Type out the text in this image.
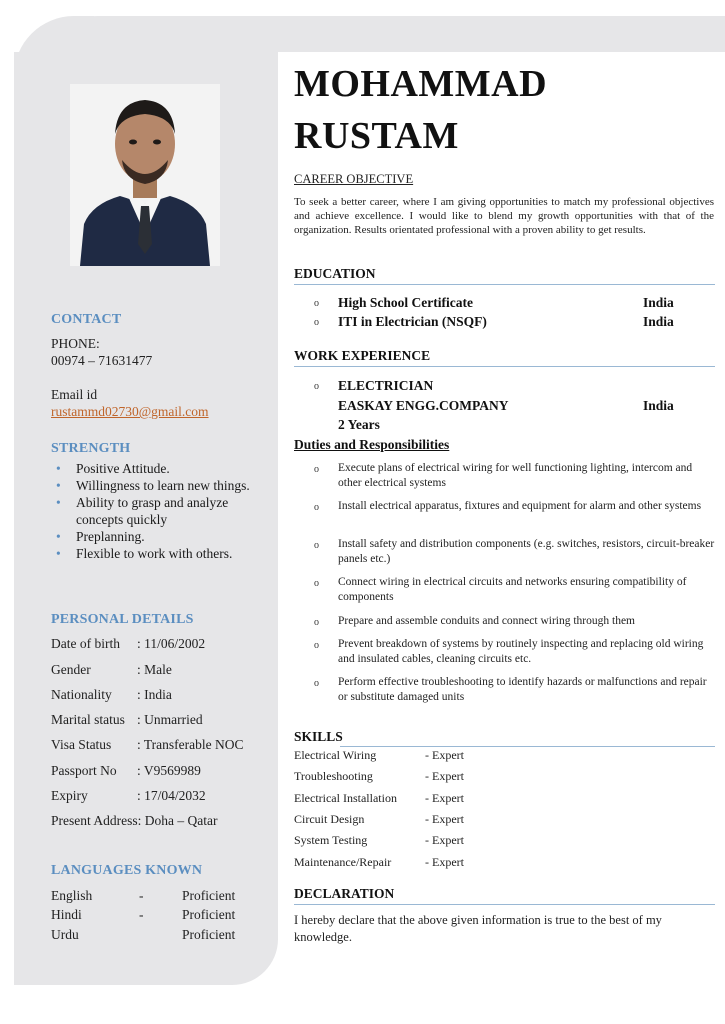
CONTACT
PHONE:
00974 – 71631477
Email id
rustammd02730@gmail.com
STRENGTH
• Positive Attitude.
• Willingness to learn new things.
• Ability to grasp and analyze concepts quickly
• Preplanning.
• Flexible to work with others.
PERSONAL DETAILS
Date of birth : 11/06/2002
Gender	: Male
Nationality : India
Marital status : Unmarried
Visa Status : Transferable NOC
Passport No : V9569989
Expiry	: 17/04/2032
Present Address: Doha – Qatar
LANGUAGES KNOWN
English	-	Proficient
Hindi	-	Proficient
Urdu	Proficient
MOHAMMAD
RUSTAM
CAREER OBJECTIVE
To seek a better career, where I am giving opportunities to match my professional objectives and achieve excellence. I would like to blend my growth opportunities with that of the organization. Results orientated professional with a proven ability to get results.
EDUCATION
o High School Certificate	India
o ITI in Electrician (NSQF)	India
WORK EXPERIENCE
o ELECTRICIAN
EASKAY ENGG.COMPANY	India
2 Years
Duties and Responsibilities
o Execute plans of electrical wiring for well functioning lighting, intercom and other electrical systems
o Install electrical apparatus, fixtures and equipment for alarm and other systems
o Install safety and distribution components (e.g. switches, resistors, circuit-breaker panels etc.)
o Connect wiring in electrical circuits and networks ensuring compatibility of components
o Prepare and assemble conduits and connect wiring through them
o Prevent breakdown of systems by routinely inspecting and replacing old wiring and insulated cables, cleaning circuits etc.
o Perform effective troubleshooting to identify hazards or malfunctions and repair or substitute damaged units
SKILLS
Electrical Wiring	- Expert
Troubleshooting	- Expert
Electrical Installation - Expert
Circuit Design	- Expert
System Testing	- Expert
Maintenance/Repair	- Expert
DECLARATION
I hereby declare that the above given information is true to the best of my knowledge.
